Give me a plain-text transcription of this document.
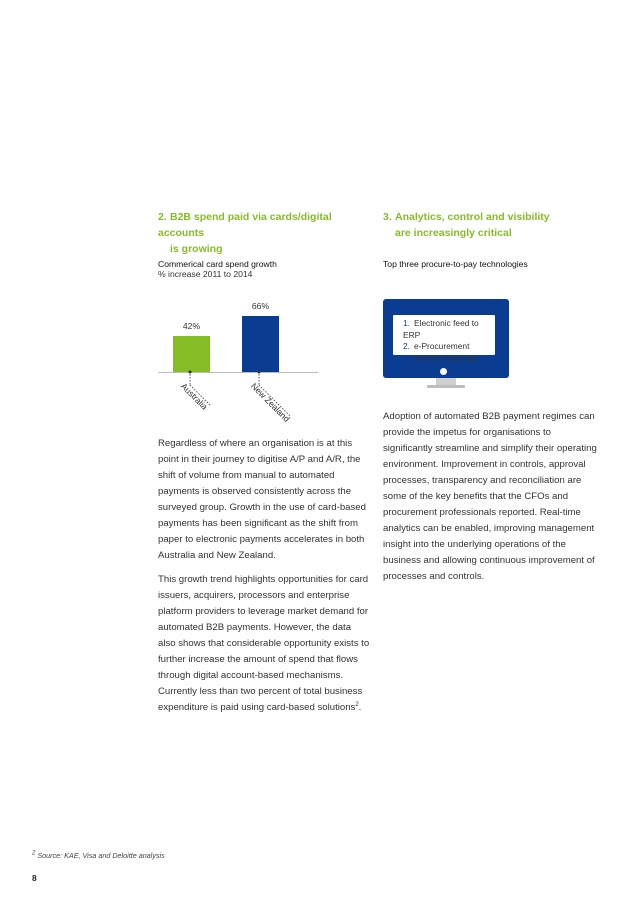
2. B2B spend paid via cards/digital accounts
is growing
3. Analytics, control and visibility
are increasingly critical
Commerical card spend growth
% increase 2011 to 2014
42%
66%
Australia	New Zealand
Top three procure-to-pay technologies
1. Electronic feed to ERP
2. e-Procurement
3. Invoice scanning

Regardless of where an organisation is at this point in their journey to digitise A/P and A/R, the shift of volume from manual to automated payments is observed consistently across the surveyed group. Growth in the use of card-based payments has been significant as the shift from paper to electronic payments accelerates in both Australia and New Zealand.

This growth trend highlights opportunities for card issuers, acquirers, processors and enterprise platform providers to leverage market demand for automated B2B payments. However, the data also shows that considerable opportunity exists to further increase the amount of spend that flows through digital account-based mechanisms. Currently less than two percent of total business expenditure is paid using card-based solutions$^2$.

Adoption of automated B2B payment regimes can provide the impetus for organisations to significantly streamline and simplify their operating environment. Improvement in controls, approval processes, transparency and reconciliation are some of the key benefits that the CFOs and procurement professionals reported. Real-time analytics can be enabled, improving management insight into the underlying operations of the business and allowing continuous improvement of processes and controls.

$^2$ Source: KAE, Visa and Deloitte analysis
8
